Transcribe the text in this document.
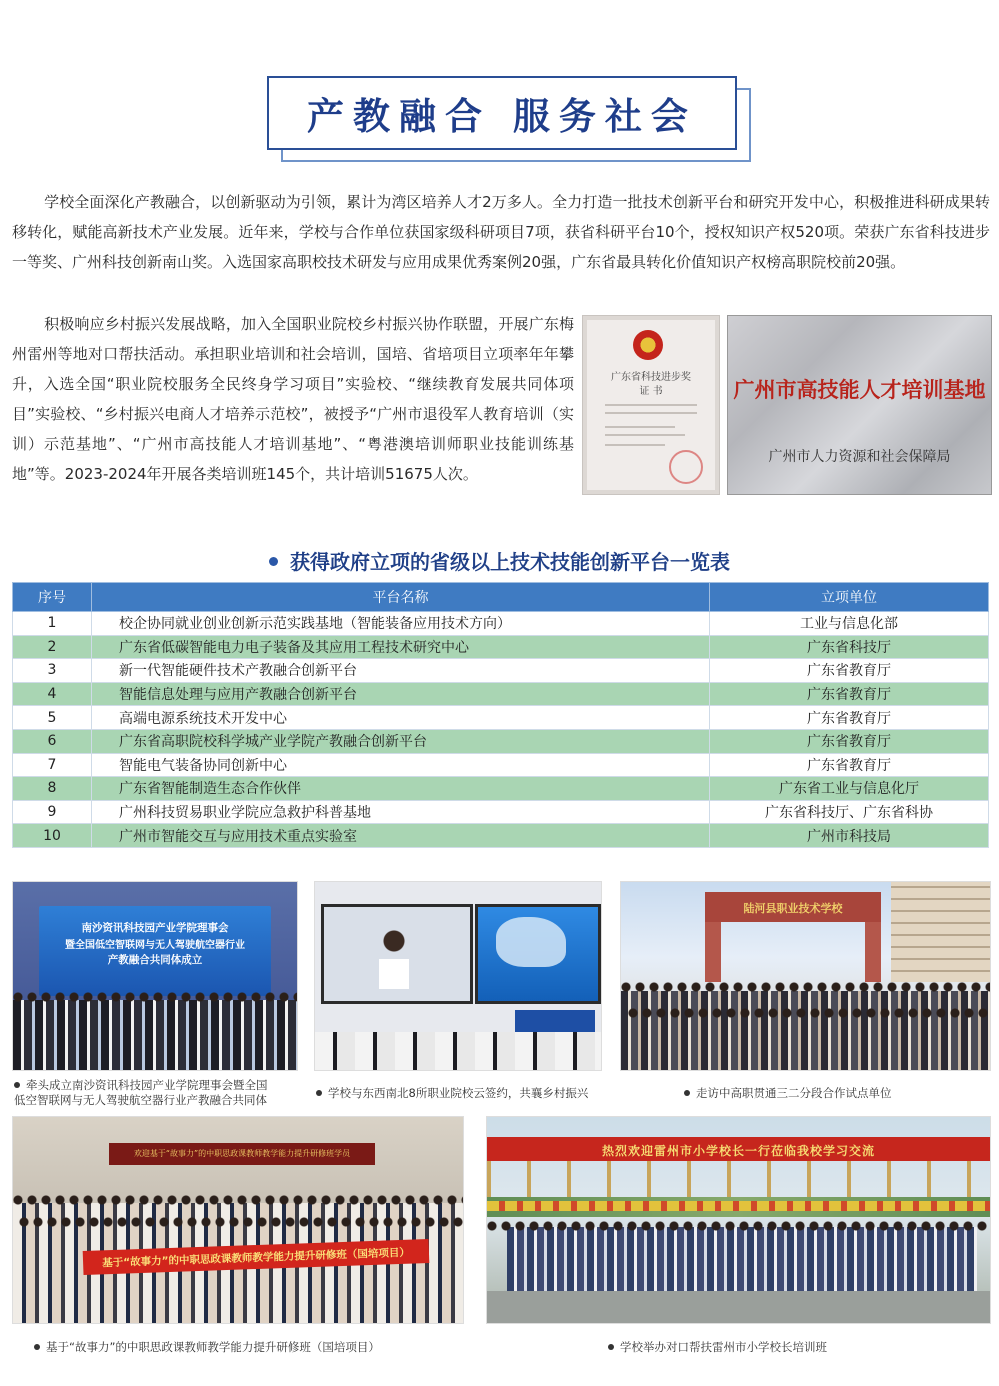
产教融合 服务社会
学校全面深化产教融合，以创新驱动为引领，累计为湾区培养人才2万多人。全力打造一批技术创新平台和研究开发中心，积极推进科研成果转移转化，赋能高新技术产业发展。近年来，学校与合作单位获国家级科研项目7项，获省科研平台10个，授权知识产权520项。荣获广东省科技进步一等奖、广州科技创新南山奖。入选国家高职校技术研发与应用成果优秀案例20强，广东省最具转化价值知识产权榜高职院校前20强。
积极响应乡村振兴发展战略，加入全国职业院校乡村振兴协作联盟，开展广东梅州雷州等地对口帮扶活动。承担职业培训和社会培训，国培、省培项目立项率年年攀升，入选全国“职业院校服务全民终身学习项目”实验校、“继续教育发展共同体项目”实验校、“乡村振兴电商人才培养示范校”，被授予“广州市退役军人教育培训（实训）示范基地”、“广州市高技能人才培训基地”、“粤港澳培训师职业技能训练基地”等。2023-2024年开展各类培训班145个，共计培训51675人次。
广东省科技进步奖
证 书	广州市高技能人才培训基地
广州市人力资源和社会保障局
获得政府立项的省级以上技术技能创新平台一览表
序号	平台名称	立项单位
1	校企协同就业创业创新示范实践基地（智能装备应用技术方向）	工业与信息化部
2	广东省低碳智能电力电子装备及其应用工程技术研究中心	广东省科技厅
3	新一代智能硬件技术产教融合创新平台	广东省教育厅
4	智能信息处理与应用产教融合创新平台	广东省教育厅
5	高端电源系统技术开发中心	广东省教育厅
6	广东省高职院校科学城产业学院产教融合创新平台	广东省教育厅
7	智能电气装备协同创新中心	广东省教育厅
8	广东省智能制造生态合作伙伴	广东省工业与信息化厅
9	广州科技贸易职业学院应急救护科普基地	广东省科技厅、广东省科协
10	广州市智能交互与应用技术重点实验室	广州市科技局
南沙资讯科技园产业学院理事会
暨全国低空智联网与无人驾驶航空器行业
产教融合共同体成立
牵头成立南沙资讯科技园产业学院理事会暨全国
低空智联网与无人驾驶航空器行业产教融合共同体	学校与东西南北8所职业院校云签约，共襄乡村振兴
陆河县职业技术学校
走访中高职贯通三二分段合作试点单位
欢迎基于“故事力”的中职思政课教师教学能力提升研修班学员
基于“故事力”的中职思政课教师教学能力提升研修班（国培项目）
基于“故事力”的中职思政课教师教学能力提升研修班（国培项目）
热烈欢迎雷州市小学校长一行莅临我校学习交流
学校举办对口帮扶雷州市小学校长培训班
